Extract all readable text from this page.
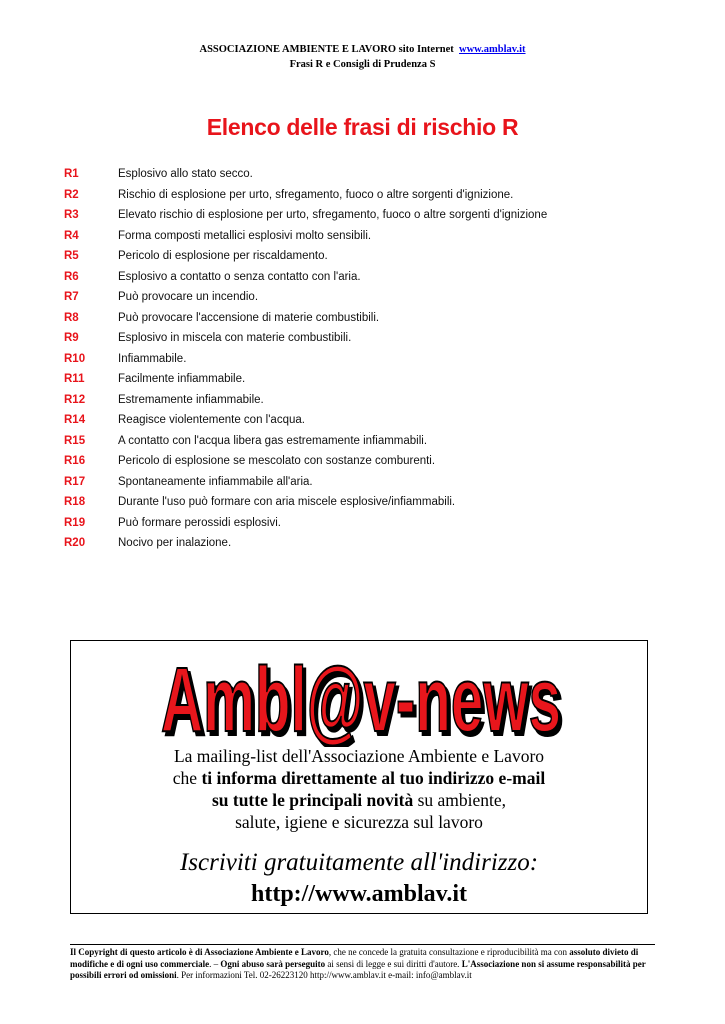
ASSOCIAZIONE AMBIENTE E LAVORO sito Internet www.amblav.it
Frasi R e Consigli di Prudenza S
Elenco delle frasi di rischio R
R1	Esplosivo allo stato secco.
R2	Rischio di esplosione per urto, sfregamento, fuoco o altre sorgenti d'ignizione.
R3	Elevato rischio di esplosione per urto, sfregamento, fuoco o altre sorgenti d'ignizione
R4	Forma composti metallici esplosivi molto sensibili.
R5	Pericolo di esplosione per riscaldamento.
R6	Esplosivo a contatto o senza contatto con l'aria.
R7	Può provocare un incendio.
R8	Può provocare l'accensione di materie combustibili.
R9	Esplosivo in miscela con materie combustibili.
R10	Infiammabile.
R11	Facilmente infiammabile.
R12	Estremamente infiammabile.
R14	Reagisce violentemente con l'acqua.
R15	A contatto con l'acqua libera gas estremamente infiammabili.
R16	Pericolo di esplosione se mescolato con sostanze comburenti.
R17	Spontaneamente infiammabile all'aria.
R18	Durante l'uso può formare con aria miscele esplosive/infiammabili.
R19	Può formare perossidi esplosivi.
R20	Nocivo per inalazione.
Ambl@v-news
La mailing-list dell'Associazione Ambiente e Lavoro
che ti informa direttamente al tuo indirizzo e-mail
su tutte le principali novità su ambiente,
salute, igiene e sicurezza sul lavoro
Iscriviti gratuitamente all'indirizzo:
http://www.amblav.it
Il Copyright di questo articolo è di Associazione Ambiente e Lavoro, che ne concede la gratuita consultazione e riproducibilità ma con assoluto divieto di modifiche e di ogni uso commerciale. – Ogni abuso sarà perseguito ai sensi di legge e sui diritti d'autore. L'Associazione non si assume responsabilità per possibili errori od omissioni. Per informazioni Tel. 02-26223120 http://www.amblav.it e-mail: info@amblav.it
